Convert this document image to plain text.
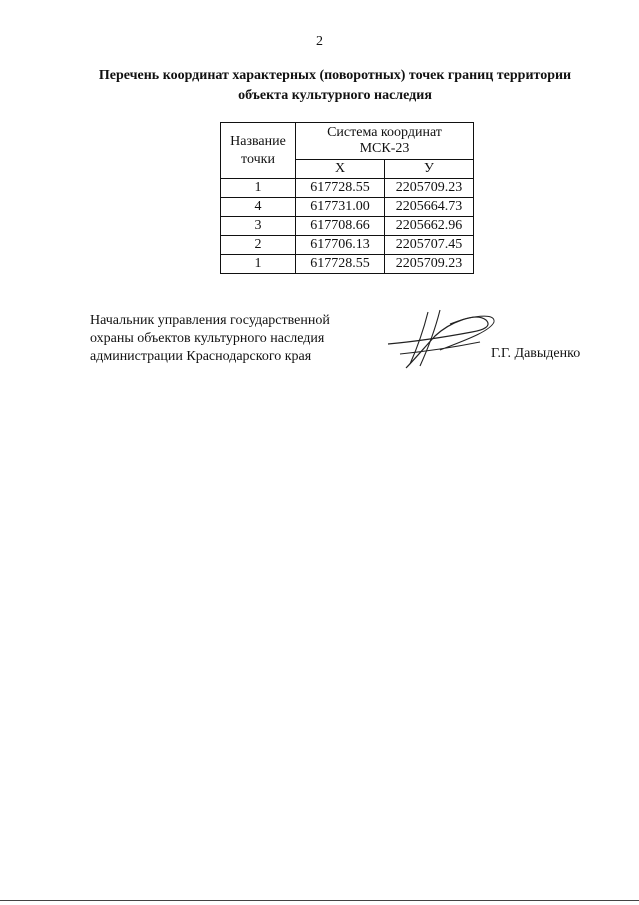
2
Перечень координат характерных (поворотных) точек границ территории
объекта культурного наследия
Название точки	Система координат
МСК-23	

	Х	У
1	617728.55	2205709.23
4	617731.00	2205664.73
3	617708.66	2205662.96
2	617706.13	2205707.45
1	617728.55	2205709.23
Начальник управления государственной
охраны объектов культурного наследия
администрации Краснодарского края	Г.Г. Давыденко
